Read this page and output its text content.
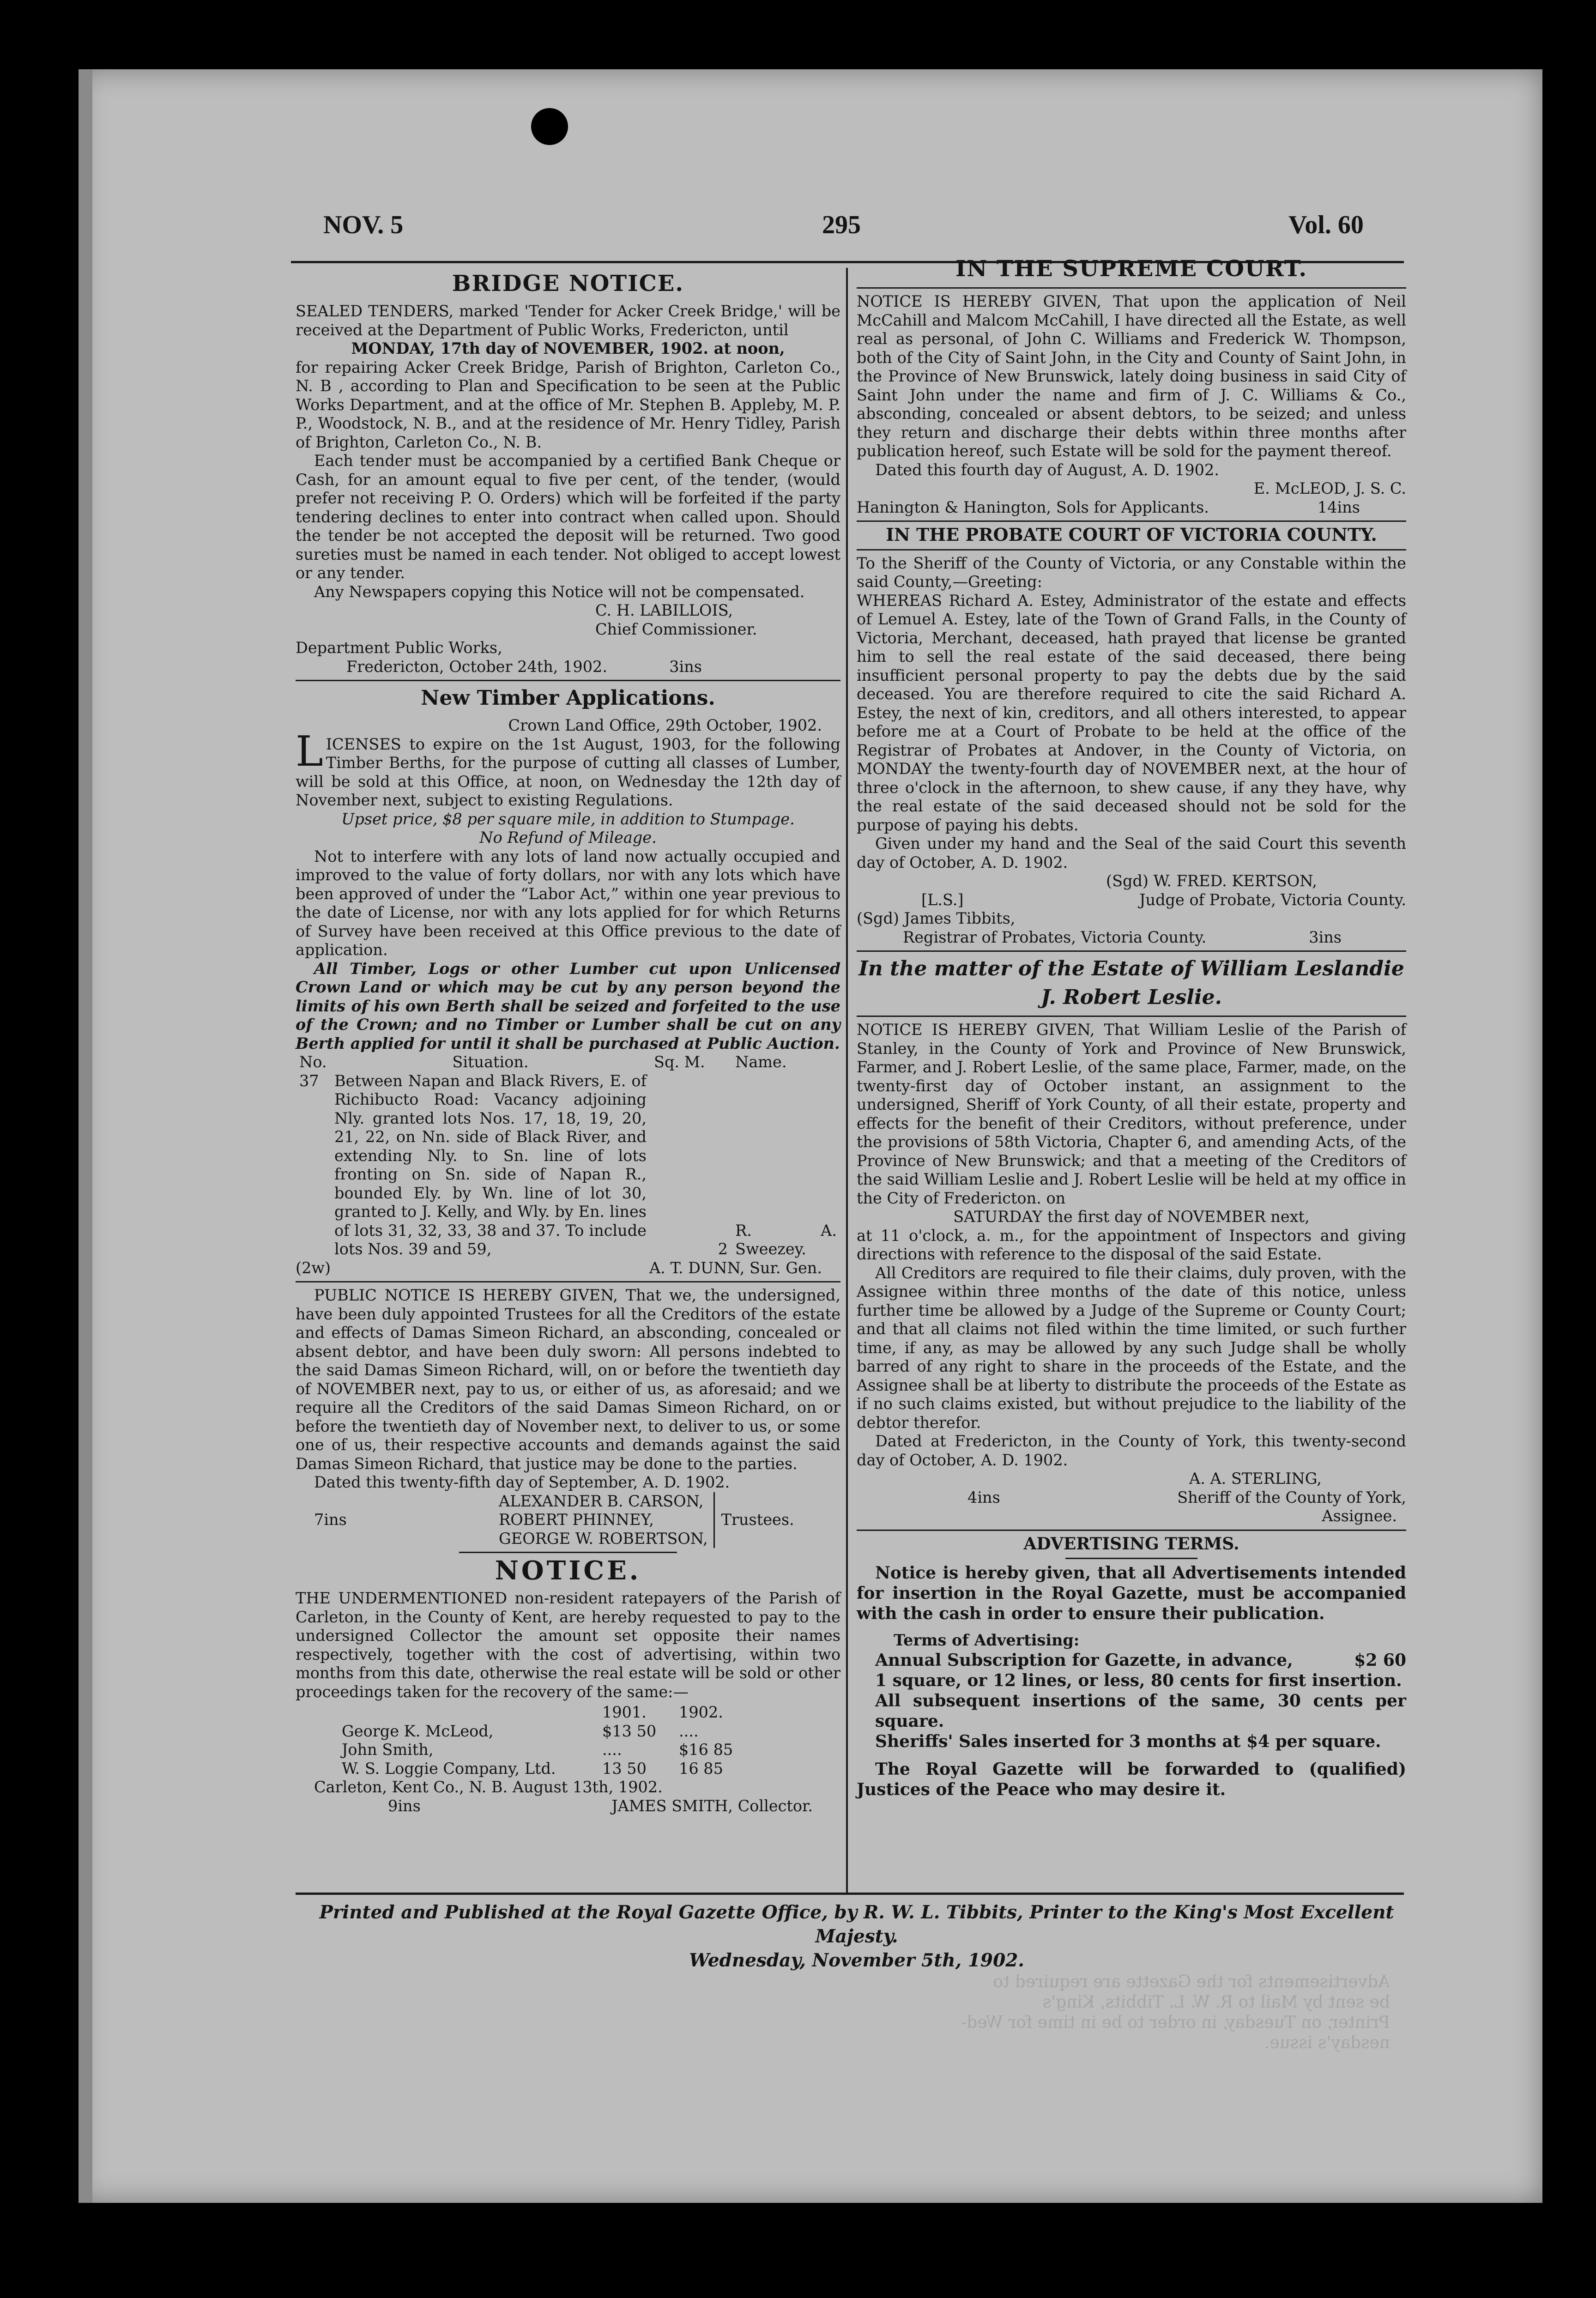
NOV. 5	295	Vol. 60
BRIDGE NOTICE.

SEALED TENDERS, marked 'Tender for Acker Creek Bridge,' will be received at the Department of Public Works, Fredericton, until

MONDAY, 17th day of NOVEMBER, 1902. at noon,

for repairing Acker Creek Bridge, Parish of Brighton, Carleton Co., N. B , according to Plan and Specification to be seen at the Public Works Department, and at the office of Mr. Stephen B. Appleby, M. P. P., Woodstock, N. B., and at the residence of Mr. Henry Tidley, Parish of Brighton, Carleton Co., N. B.

Each tender must be accompanied by a certified Bank Cheque or Cash, for an amount equal to five per cent, of the tender, (would prefer not receiving P. O. Orders) which will be forfeited if the party tendering declines to enter into contract when called upon. Should the tender be not accepted the deposit will be returned. Two good sureties must be named in each tender. Not obliged to accept lowest or any tender.

Any Newspapers copying this Notice will not be compensated.

C. H. LABILLOIS,

Chief Commissioner.

Department Public Works,

Fredericton, October 24th, 1902.	3ins
New Timber Applications.

Crown Land Office, 29th October, 1902.

LICENSES to expire on the 1st August, 1903, for the following Timber Berths, for the purpose of cutting all classes of Lumber, will be sold at this Office, at noon, on Wednesday the 12th day of November next, subject to existing Regulations.

Upset price, $8 per square mile, in addition to Stumpage.

No Refund of Mileage.

Not to interfere with any lots of land now actually occupied and improved to the value of forty dollars, nor with any lots which have been approved of under the “Labor Act,” within one year previous to the date of License, nor with any lots applied for for which Returns of Survey have been received at this Office previous to the date of application.

All Timber, Logs or other Lumber cut upon Unlicensed Crown Land or which may be cut by any person beyond the limits of his own Berth shall be seized and forfeited to the use of the Crown; and no Timber or Lumber shall be cut on any Berth applied for until it shall be purchased at Public Auction.

No.	Situation.	Sq. M.	Name.
37	Between Napan and Black Rivers, E. of Richibucto Road: Vacancy adjoining Nly. granted lots Nos. 17, 18, 19, 20, 21, 22, on Nn. side of Black River, and extending Nly. to Sn. line of lots fronting on Sn. side of Napan R., bounded Ely. by Wn. line of lot 30, granted to J. Kelly, and Wly. by En. lines of lots 31, 32, 33, 38 and 37. To include lots Nos. 39 and 59,	2	R. A. Sweezey.
(2w)	A. T. DUNN, Sur. Gen.

PUBLIC NOTICE IS HEREBY GIVEN, That we, the undersigned, have been duly appointed Trustees for all the Creditors of the estate and effects of Damas Simeon Richard, an absconding, concealed or absent debtor, and have been duly sworn: All persons indebted to the said Damas Simeon Richard, will, on or before the twentieth day of NOVEMBER next, pay to us, or either of us, as aforesaid; and we require all the Creditors of the said Damas Simeon Richard, on or before the twentieth day of November next, to deliver to us, or some one of us, their respective accounts and demands against the said Damas Simeon Richard, that justice may be done to the parties.

Dated this twenty-fifth day of September, A. D. 1902.

7ins
ALEXANDER B. CARSON,
ROBERT PHINNEY,
GEORGE W. ROBERTSON,
Trustees.
NOTICE.

THE UNDERMENTIONED non-resident ratepayers of the Parish of Carleton, in the County of Kent, are hereby requested to pay to the undersigned Collector the amount set opposite their names respectively, together with the cost of advertising, within two months from this date, otherwise the real estate will be sold or other proceedings taken for the recovery of the same:—

	1901.	1902.
George K. McLeod,	$13 50	....
John Smith,	....	$16 85
W. S. Loggie Company, Ltd.	13 50	16 85

Carleton, Kent Co., N. B. August 13th, 1902.

9ins	JAMES SMITH, Collector.
IN THE SUPREME COURT.

NOTICE IS HEREBY GIVEN, That upon the application of Neil McCahill and Malcom McCahill, I have directed all the Estate, as well real as personal, of John C. Williams and Frederick W. Thompson, both of the City of Saint John, in the City and County of Saint John, in the Province of New Brunswick, lately doing business in said City of Saint John under the name and firm of J. C. Williams & Co., absconding, concealed or absent debtors, to be seized; and unless they return and discharge their debts within three months after publication hereof, such Estate will be sold for the payment thereof.

Dated this fourth day of August, A. D. 1902.

E. McLEOD, J. S. C.

Hanington & Hanington, Sols for Applicants.	14ins
IN THE PROBATE COURT OF VICTORIA COUNTY.

To the Sheriff of the County of Victoria, or any Constable within the said County,—Greeting:

WHEREAS Richard A. Estey, Administrator of the estate and effects of Lemuel A. Estey, late of the Town of Grand Falls, in the County of Victoria, Merchant, deceased, hath prayed that license be granted him to sell the real estate of the said deceased, there being insufficient personal property to pay the debts due by the said deceased. You are therefore required to cite the said Richard A. Estey, the next of kin, creditors, and all others interested, to appear before me at a Court of Probate to be held at the office of the Registrar of Probates at Andover, in the County of Victoria, on MONDAY the twenty-fourth day of NOVEMBER next, at the hour of three o'clock in the afternoon, to shew cause, if any they have, why the real estate of the said deceased should not be sold for the purpose of paying his debts.

Given under my hand and the Seal of the said Court this seventh day of October, A. D. 1902.

(Sgd) W. FRED. KERTSON,

[L.S.]	Judge of Probate, Victoria County.

(Sgd) James Tibbits,

Registrar of Probates, Victoria County.	3ins
In the matter of the Estate of William Leslandie
J. Robert Leslie.

NOTICE IS HEREBY GIVEN, That William Leslie of the Parish of Stanley, in the County of York and Province of New Brunswick, Farmer, and J. Robert Leslie, of the same place, Farmer, made, on the twenty-first day of October instant, an assignment to the undersigned, Sheriff of York County, of all their estate, property and effects for the benefit of their Creditors, without preference, under the provisions of 58th Victoria, Chapter 6, and amending Acts, of the Province of New Brunswick; and that a meeting of the Creditors of the said William Leslie and J. Robert Leslie will be held at my office in the City of Fredericton. on

SATURDAY the first day of NOVEMBER next,

at 11 o'clock, a. m., for the appointment of Inspectors and giving directions with reference to the disposal of the said Estate.

All Creditors are required to file their claims, duly proven, with the Assignee within three months of the date of this notice, unless further time be allowed by a Judge of the Supreme or County Court; and that all claims not filed within the time limited, or such further time, if any, as may be allowed by any such Judge shall be wholly barred of any right to share in the proceeds of the Estate, and the Assignee shall be at liberty to distribute the proceeds of the Estate as if no such claims existed, but without prejudice to the liability of the debtor therefor.

Dated at Fredericton, in the County of York, this twenty-second day of October, A. D. 1902.

A. A. STERLING,

4ins	Sheriff of the County of York,

Assignee.

ADVERTISING TERMS.

Notice is hereby given, that all Advertisements intended for insertion in the Royal Gazette, must be accompanied with the cash in order to ensure their publication.

Terms of Advertising:

Annual Subscription for Gazette, in advance,	$2 60

1 square, or 12 lines, or less, 80 cents for first insertion.

All subsequent insertions of the same, 30 cents per square.

Sheriffs' Sales inserted for 3 months at $4 per square.

The Royal Gazette will be forwarded to (qualified) Justices of the Peace who may desire it.

Printed and Published at the Royal Gazette Office, by R. W. L. Tibbits, Printer to the King's Most Excellent Majesty.
Wednesday, November 5th, 1902.
Advertisements for the Gazette are required to
be sent by Mail to R. W. L. Tibbits, King's
Printer, on Tuesday, in order to be in time for Wed-
nesday's issue.
